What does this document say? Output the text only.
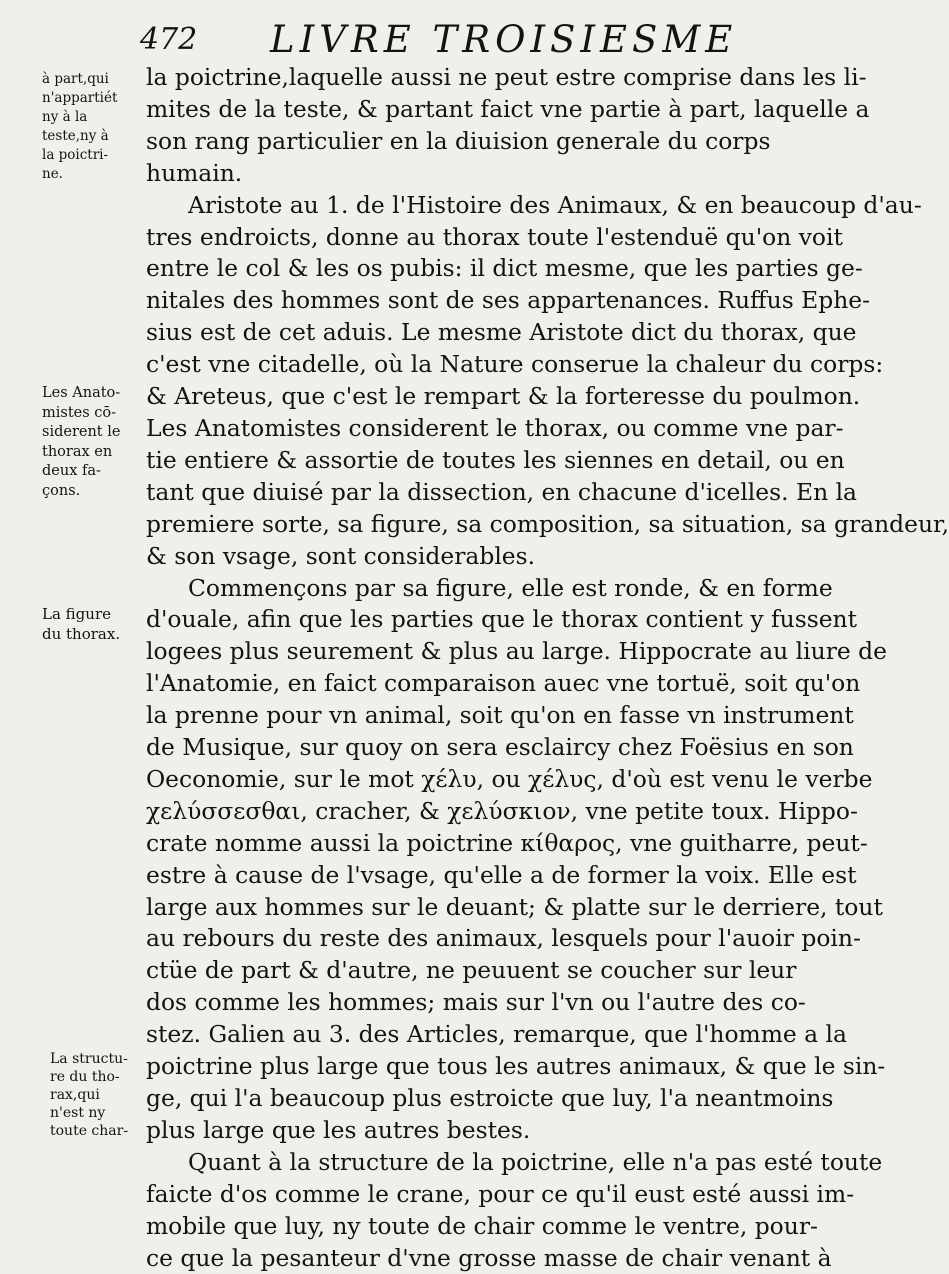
472 LIVRE TROISIESME
à part,qui
n'appartiét
ny à la
teste,ny à
la poictri-
ne.
Les Anato-
mistes cō-
siderent le
thorax en
deux fa-
çons.
La figure
du thorax.
La structu-
re du tho-
rax,qui
n'est ny
toute char-
la poictrine,laquelle aussi ne peut estre comprise dans les li-
mites de la teste, & partant faict vne partie à part, laquelle a
son rang particulier en la diuision generale du corps
humain.
Aristote au 1. de l'Histoire des Animaux, & en beaucoup d'au-
tres endroicts, donne au thorax toute l'estenduë qu'on voit
entre le col & les os pubis: il dict mesme, que les parties ge-
nitales des hommes sont de ses appartenances. Ruffus Ephe-
sius est de cet aduis. Le mesme Aristote dict du thorax, que
c'est vne citadelle, où la Nature conserue la chaleur du corps:
& Areteus, que c'est le rempart & la forteresse du poulmon.
Les Anatomistes considerent le thorax, ou comme vne par-
tie entiere & assortie de toutes les siennes en detail, ou en
tant que diuisé par la dissection, en chacune d'icelles. En la
premiere sorte, sa figure, sa composition, sa situation, sa grandeur,
& son vsage, sont considerables.
Commençons par sa figure, elle est ronde, & en forme
d'ouale, afin que les parties que le thorax contient y fussent
logees plus seurement & plus au large. Hippocrate au liure de
l'Anatomie, en faict comparaison auec vne tortuë, soit qu'on
la prenne pour vn animal, soit qu'on en fasse vn instrument
de Musique, sur quoy on sera esclaircy chez Foësius en son
Oeconomie, sur le mot χέλυ, ou χέλυς, d'où est venu le verbe
χελύσσεσθαι, cracher, & χελύσκιον, vne petite toux. Hippo-
crate nomme aussi la poictrine κίθαρος, vne guitharre, peut-
estre à cause de l'vsage, qu'elle a de former la voix. Elle est
large aux hommes sur le deuant; & platte sur le derriere, tout
au rebours du reste des animaux, lesquels pour l'auoir poin-
ctüe de part & d'autre, ne peuuent se coucher sur leur
dos comme les hommes; mais sur l'vn ou l'autre des co-
stez. Galien au 3. des Articles, remarque, que l'homme a la
poictrine plus large que tous les autres animaux, & que le sin-
ge, qui l'a beaucoup plus estroicte que luy, l'a neantmoins
plus large que les autres bestes.
Quant à la structure de la poictrine, elle n'a pas esté toute
faicte d'os comme le crane, pour ce qu'il eust esté aussi im-
mobile que luy, ny toute de chair comme le ventre, pour-
ce que la pesanteur d'vne grosse masse de chair venant à
